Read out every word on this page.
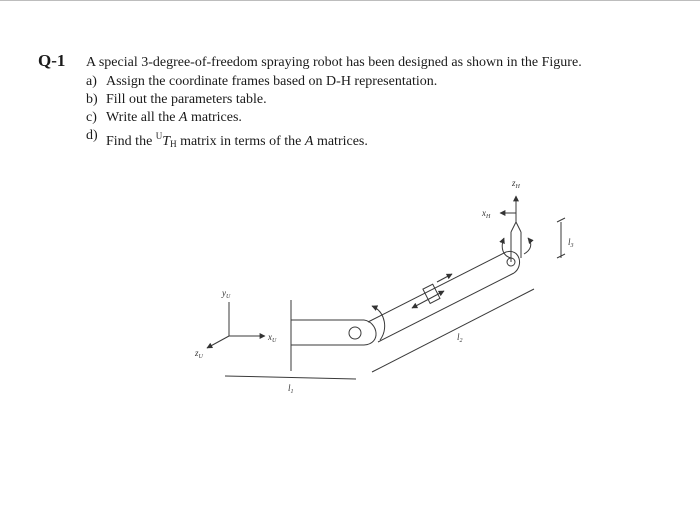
Q-1	A special 3-degree-of-freedom spraying robot has been designed as shown in the Figure.
a) Assign the coordinate frames based on D-H representation.
b) Fill out the parameters table.
c) Write all the A matrices.
d) Find the $^UT_H$ matrix in terms of the A matrices.
$y_U$
$x_U$
$z_U$
$z_H$
$x_H$
$l_1$
$l_2$
$l_3$
